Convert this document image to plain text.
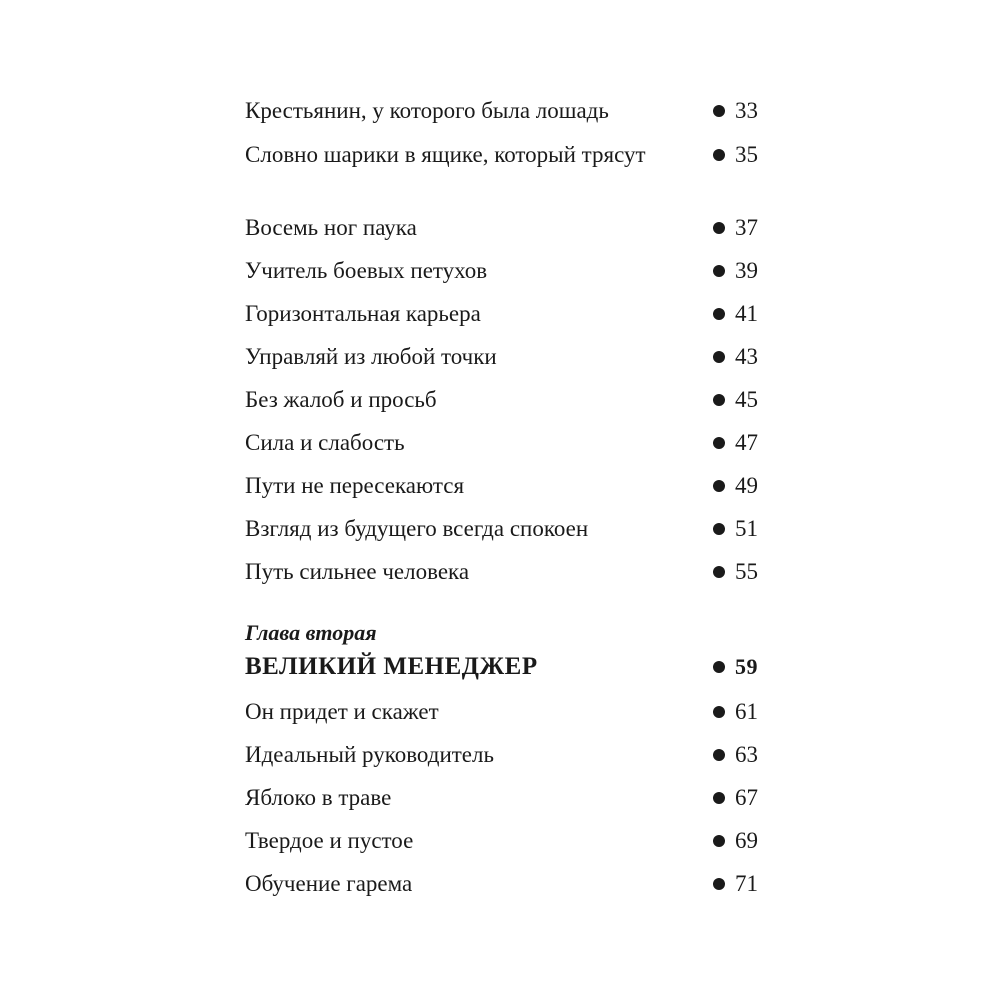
Крестьянин, у которого была лошадь	33
Словно шарики в ящике, который трясут	35
Восемь ног паука	37
Учитель боевых петухов	39
Горизонтальная карьера	41
Управляй из любой точки	43
Без жалоб и просьб	45
Сила и слабость	47
Пути не пересекаются	49
Взгляд из будущего всегда спокоен	51
Путь сильнее человека	55
Глава вторая
ВЕЛИКИЙ МЕНЕДЖЕР	59
Он придет и скажет	61
Идеальный руководитель	63
Яблоко в траве	67
Твердое и пустое	69
Обучение гарема	71
